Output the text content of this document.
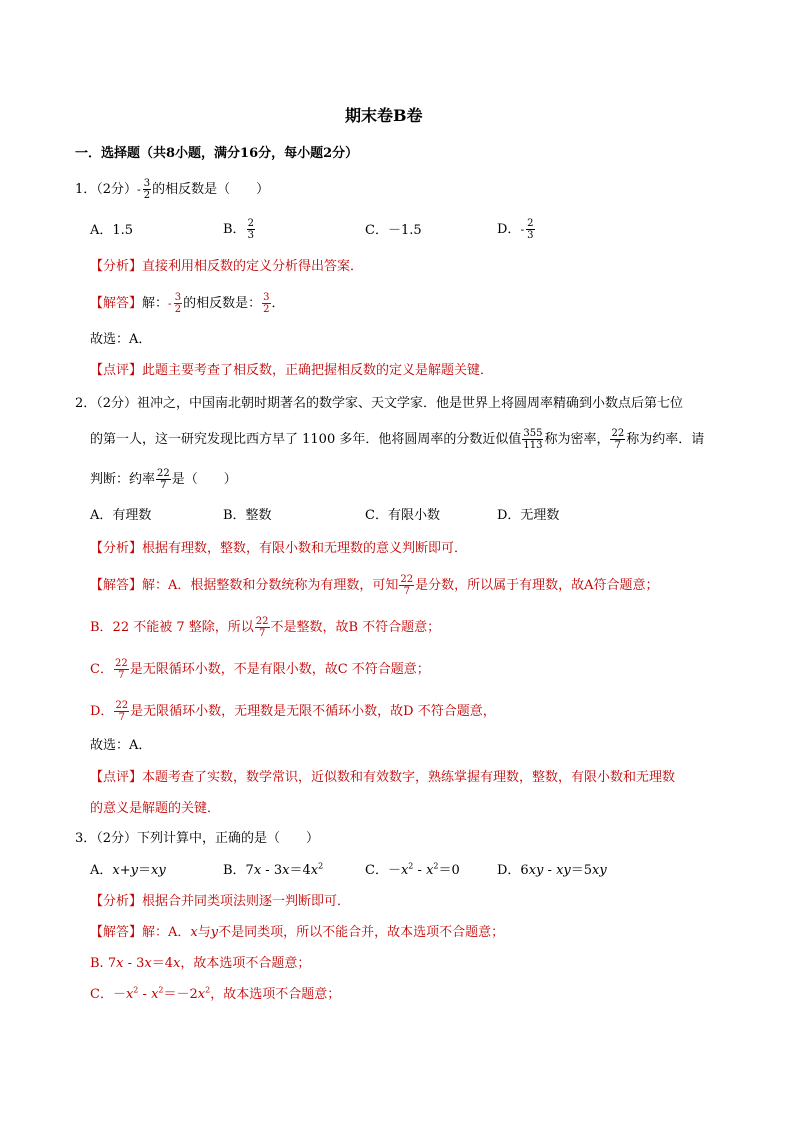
期末卷B卷
一．选择题（共8小题，满分16分，每小题2分）
1．（2分）- $\frac{3}{2}$ 的相反数是（　　）
A．1.5	B． $\frac{2}{3}$	C．－1.5	D．- $\frac{2}{3}$
【分析】直接利用相反数的定义分析得出答案．
【解答】解：- $\frac{3}{2}$ 的相反数是： $\frac{3}{2}$ ．
故选：A．
【点评】此题主要考查了相反数，正确把握相反数的定义是解题关键．
2．（2分）祖冲之，中国南北朝时期著名的数学家、天文学家．他是世界上将圆周率精确到小数点后第七位
的第一人，这一研究发现比西方早了 1100 多年．他将圆周率的分数近似值 $\frac{355}{113}$ 称为密率， $\frac{22}{7}$ 称为约率．请
判断：约率 $\frac{22}{7}$ 是（　　）
A．有理数	B．整数	C．有限小数	D．无理数
【分析】根据有理数，整数，有限小数和无理数的意义判断即可．
【解答】解：A．根据整数和分数统称为有理数，可知 $\frac{22}{7}$ 是分数，所以属于有理数，故A符合题意；
B．22 不能被 7 整除，所以 $\frac{22}{7}$ 不是整数，故B 不符合题意；
C． $\frac{22}{7}$ 是无限循环小数，不是有限小数，故C 不符合题意；
D． $\frac{22}{7}$ 是无限循环小数，无理数是无限不循环小数，故D 不符合题意，
故选：A．
【点评】本题考查了实数，数学常识，近似数和有效数字，熟练掌握有理数，整数，有限小数和无理数
的意义是解题的关键．
3．（2分）下列计算中，正确的是（　　）
A．x+y＝xy	B．$7x - 3x=4x^2$	C．$-x^2 - x^2=0$	D．6xy - xy＝5xy
【分析】根据合并同类项法则逐一判断即可．
【解答】解：A．x与y不是同类项，所以不能合并，故本选项不合题意；
B. 7x - 3x＝4x，故本选项不合题意；
C．$-x^2 - x^2=-2x^2$，故本选项不合题意；
